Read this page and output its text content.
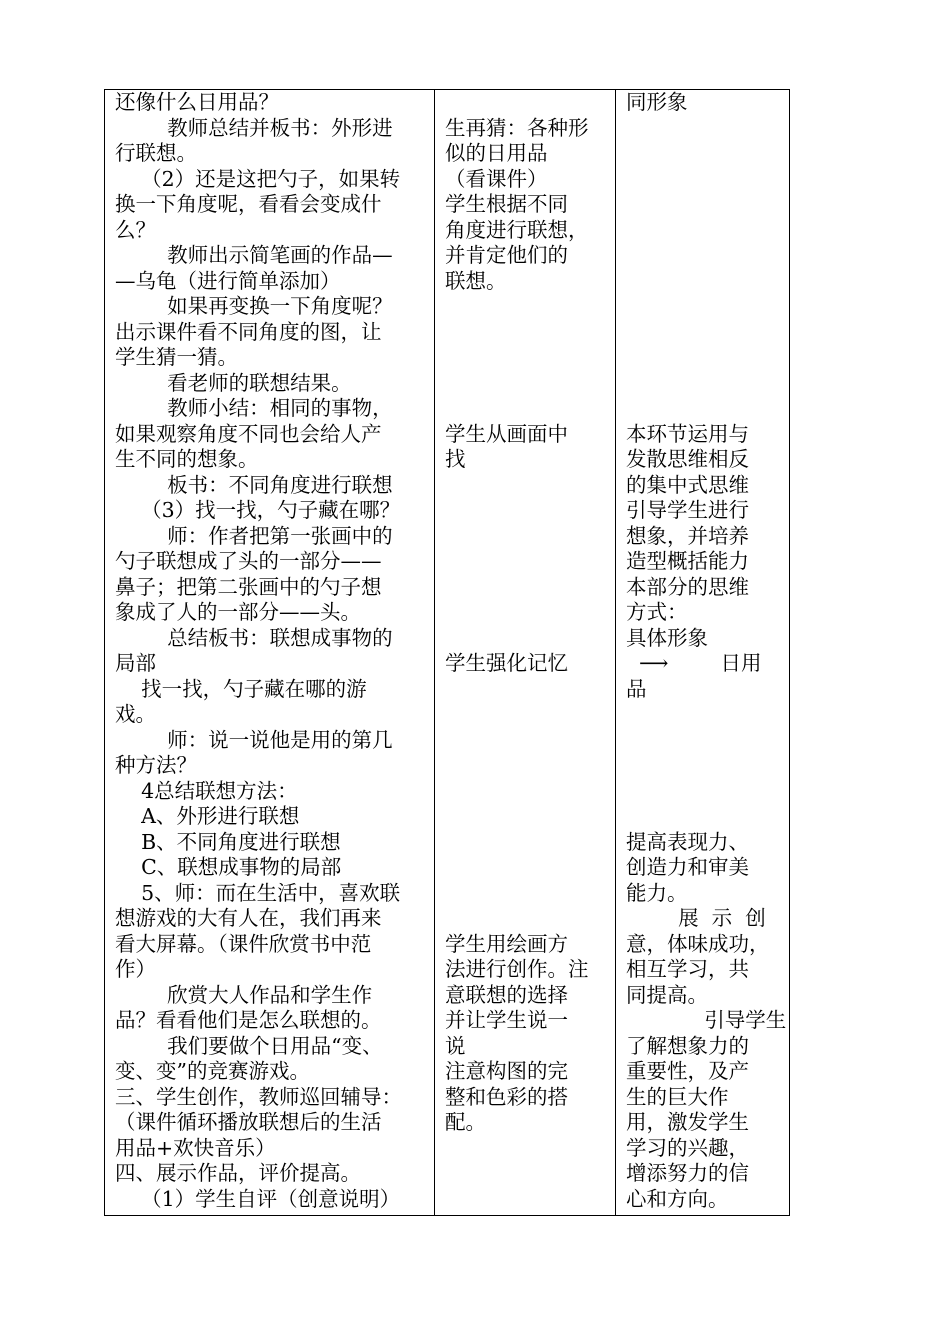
还像什么日用品？
教师总结并板书：外形进
行联想。
（2）还是这把勺子，如果转
换一下角度呢，看看会变成什
么？
教师出示简笔画的作品—
—乌龟（进行简单添加）
如果再变换一下角度呢？
出示课件看不同角度的图，让
学生猜一猜。
看老师的联想结果。
教师小结：相同的事物，
如果观察角度不同也会给人产
生不同的想象。
板书：不同角度进行联想
（3）找一找，勺子藏在哪？
师：作者把第一张画中的
勺子联想成了头的一部分——
鼻子；把第二张画中的勺子想
象成了人的一部分——头。
总结板书：联想成事物的
局部
找一找，勺子藏在哪的游
戏。
师：说一说他是用的第几
种方法？
4总结联想方法：
A、外形进行联想
B、不同角度进行联想
C、联想成事物的局部
5、师：而在生活中，喜欢联
想游戏的大有人在，我们再来
看大屏幕。（课件欣赏书中范
作）
欣赏大人作品和学生作
品？看看他们是怎么联想的。
我们要做个日用品“变、
变、变”的竞赛游戏。
三、学生创作，教师巡回辅导：
（课件循环播放联想后的生活
用品+欢快音乐）
四、展示作品，评价提高。
（1）学生自评（创意说明）
生再猜：各种形
似的日用品
（看课件）
学生根据不同
角度进行联想，
并肯定他们的
联想。
学生从画面中
找
学生强化记忆
学生用绘画方
法进行创作。注
意联想的选择
并让学生说一
说
注意构图的完
整和色彩的搭
配。
同形象
本环节运用与
发散思维相反
的集中式思维
引导学生进行
想象，并培养
造型概括能力
本部分的思维
方式：
具体形象
⟶        日用
品
提高表现力、
创造力和审美
能力。
展  示  创
意，体味成功，
相互学习，共
同提高。
引导学生
了解想象力的
重要性，及产
生的巨大作
用，激发学生
学习的兴趣，
增添努力的信
心和方向。
